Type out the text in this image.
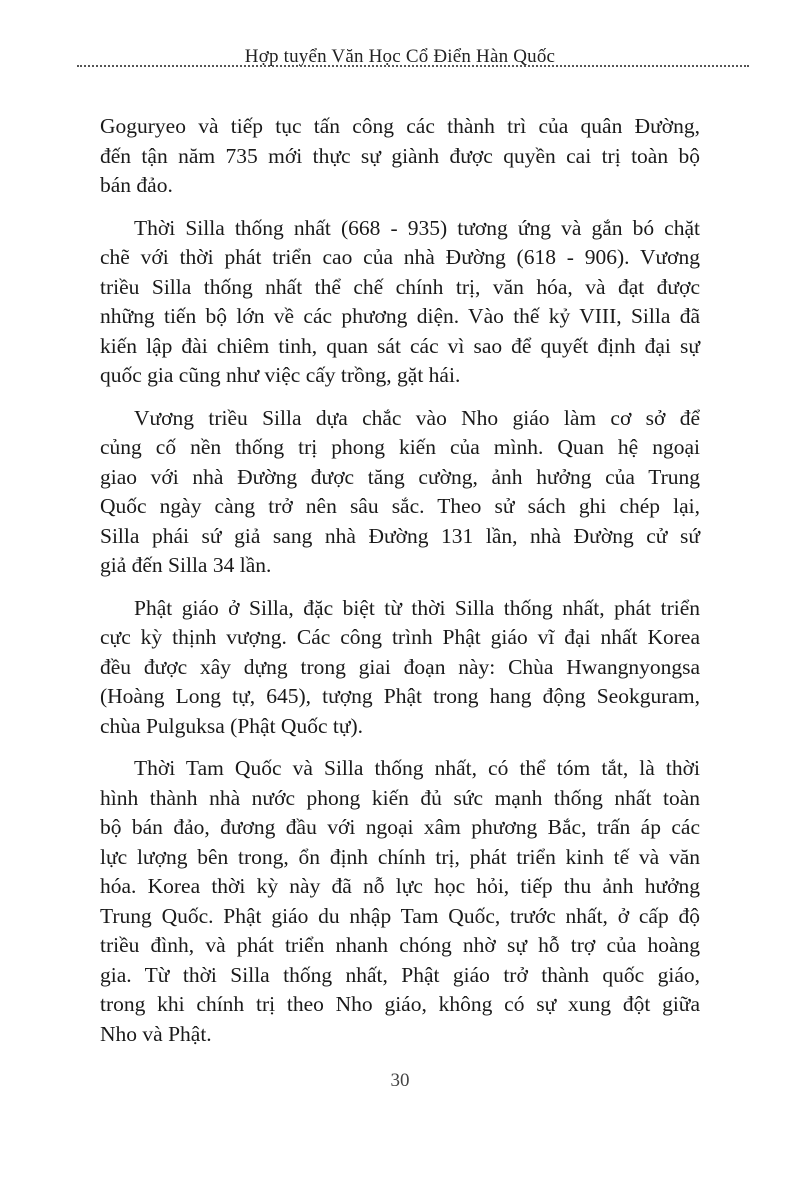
Hợp tuyển Văn Học Cổ Điển Hàn Quốc
Goguryeo và tiếp tục tấn công các thành trì của quân Đường,
đến tận năm 735 mới thực sự giành được quyền cai trị toàn bộ
bán đảo.
Thời Silla thống nhất (668 - 935) tương ứng và gắn bó chặt
chẽ với thời phát triển cao của nhà Đường (618 - 906). Vương
triều Silla thống nhất thể chế chính trị, văn hóa, và đạt được
những tiến bộ lớn về các phương diện. Vào thế kỷ VIII, Silla đã
kiến lập đài chiêm tinh, quan sát các vì sao để quyết định đại sự
quốc gia cũng như việc cấy trồng, gặt hái.
Vương triều Silla dựa chắc vào Nho giáo làm cơ sở để
củng cố nền thống trị phong kiến của mình. Quan hệ ngoại
giao với nhà Đường được tăng cường, ảnh hưởng của Trung
Quốc ngày càng trở nên sâu sắc. Theo sử sách ghi chép lại,
Silla phái sứ giả sang nhà Đường 131 lần, nhà Đường cử sứ
giả đến Silla 34 lần.
Phật giáo ở Silla, đặc biệt từ thời Silla thống nhất, phát triển
cực kỳ thịnh vượng. Các công trình Phật giáo vĩ đại nhất Korea
đều được xây dựng trong giai đoạn này: Chùa Hwangnyongsa
(Hoàng Long tự, 645), tượng Phật trong hang động Seokguram,
chùa Pulguksa (Phật Quốc tự).
Thời Tam Quốc và Silla thống nhất, có thể tóm tắt, là thời
hình thành nhà nước phong kiến đủ sức mạnh thống nhất toàn
bộ bán đảo, đương đầu với ngoại xâm phương Bắc, trấn áp các
lực lượng bên trong, ổn định chính trị, phát triển kinh tế và văn
hóa. Korea thời kỳ này đã nỗ lực học hỏi, tiếp thu ảnh hưởng
Trung Quốc. Phật giáo du nhập Tam Quốc, trước nhất, ở cấp độ
triều đình, và phát triển nhanh chóng nhờ sự hỗ trợ của hoàng
gia. Từ thời Silla thống nhất, Phật giáo trở thành quốc giáo,
trong khi chính trị theo Nho giáo, không có sự xung đột giữa
Nho và Phật.
30
